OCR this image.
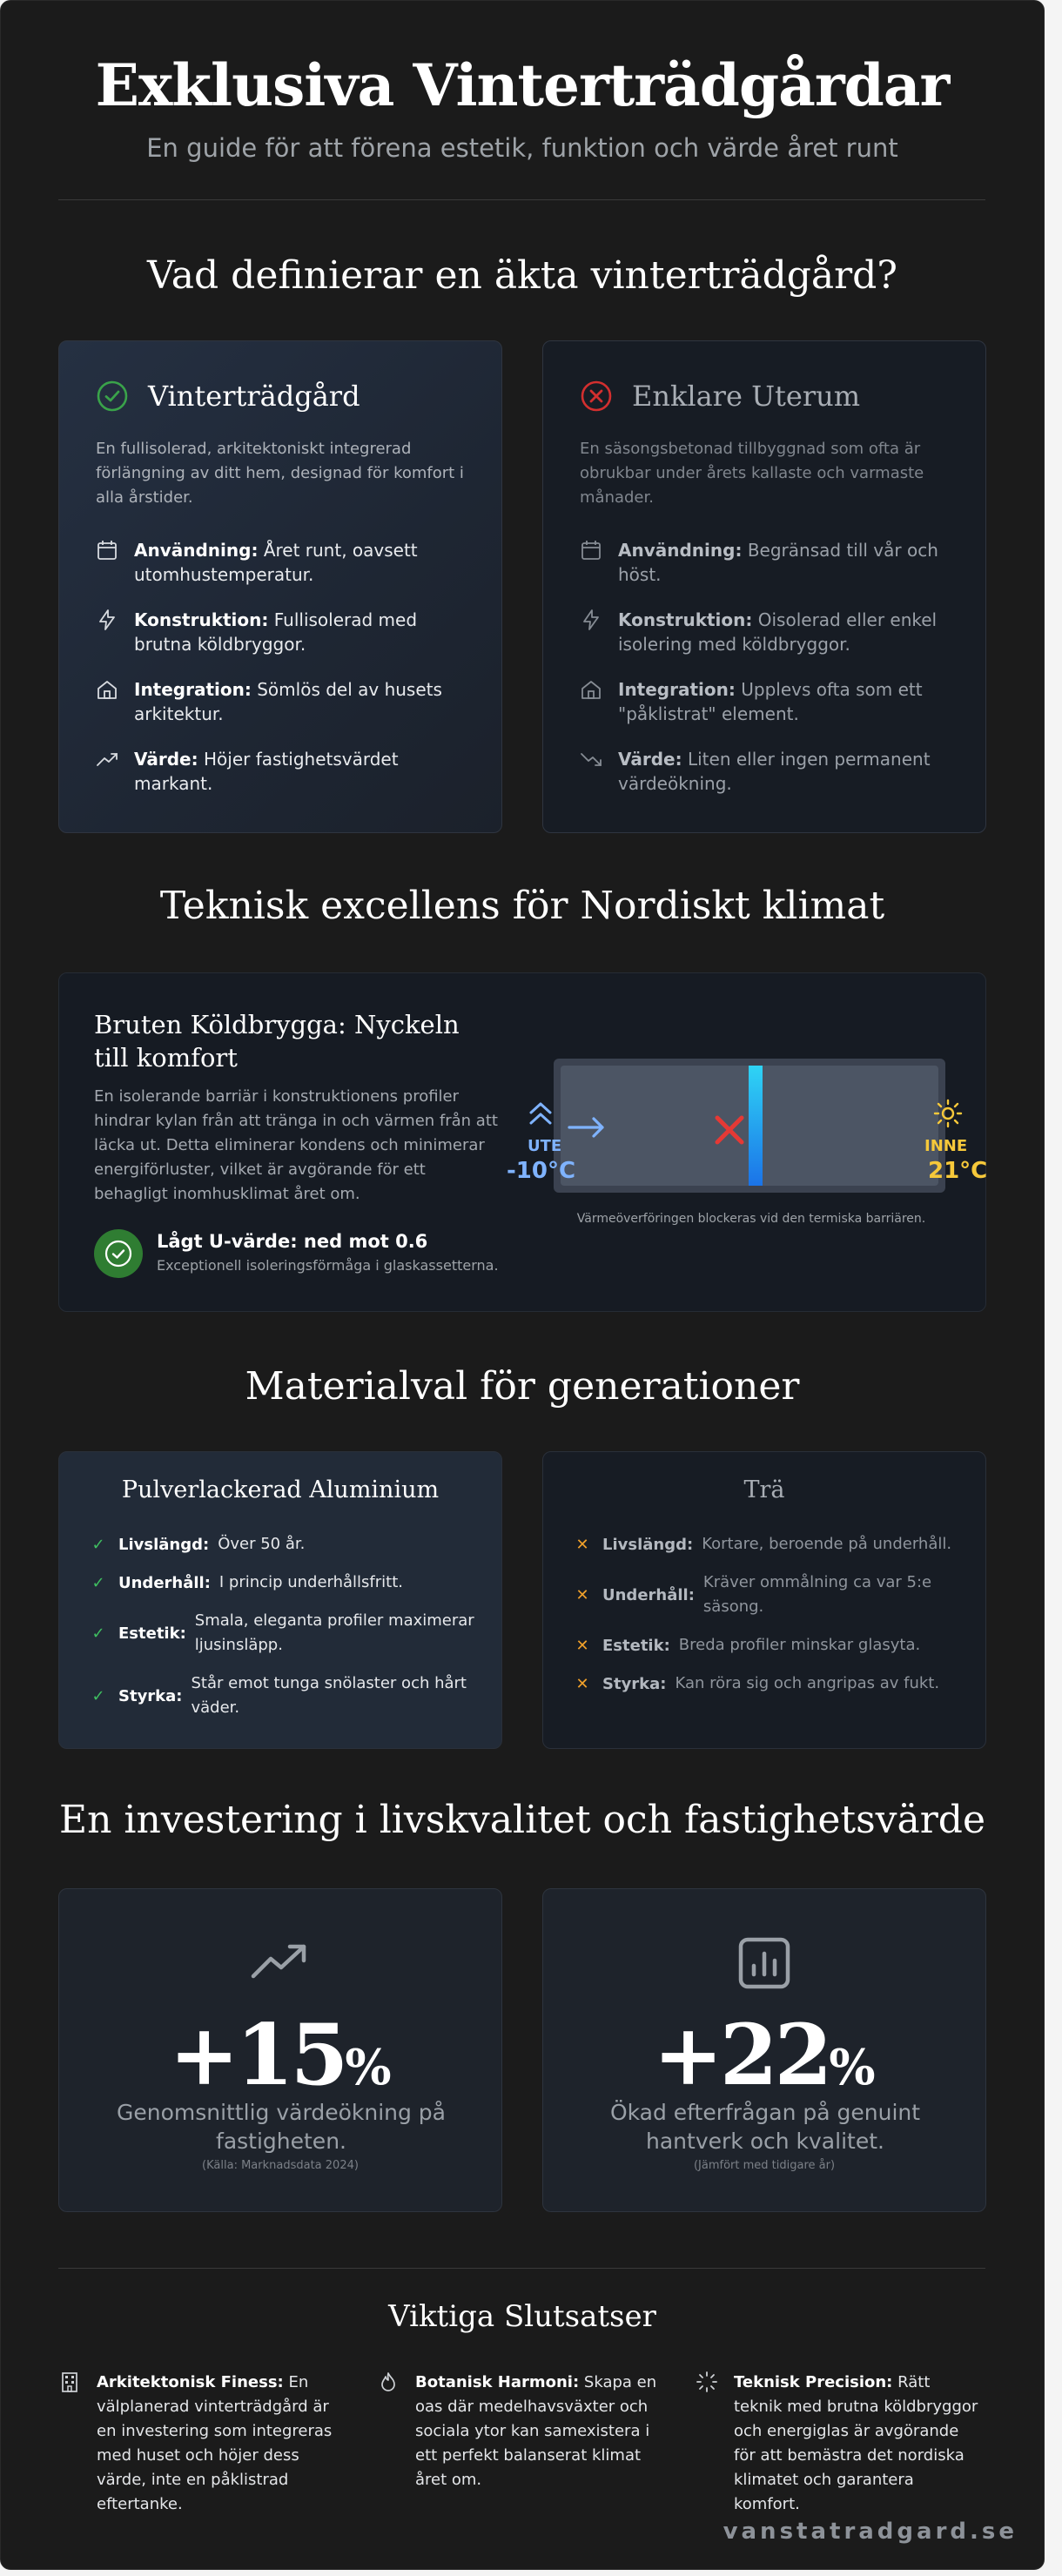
Exklusiva Vinterträdgårdar
En guide för att förena estetik, funktion och värde året runt
Vad definierar en äkta vinterträdgård?
Vinterträdgård
En fullisolerad, arkitektoniskt integrerad förlängning av ditt hem, designad för komfort i alla årstider.
Användning: Året runt, oavsett utomhustemperatur.
Konstruktion: Fullisolerad med brutna köldbryggor.
Integration: Sömlös del av husets arkitektur.
Värde: Höjer fastighetsvärdet markant.
Enklare Uterum
En säsongsbetonad tillbyggnad som ofta är obrukbar under årets kallaste och varmaste månader.
Användning: Begränsad till vår och höst.
Konstruktion: Oisolerad eller enkel isolering med köldbryggor.
Integration: Upplevs ofta som ett "påklistrat" element.
Värde: Liten eller ingen permanent värdeökning.
Teknisk excellens för Nordiskt klimat
Bruten Köldbrygga: Nyckeln till komfort
En isolerande barriär i konstruktionens profiler hindrar kylan från att tränga in och värmen från att läcka ut. Detta eliminerar kondens och minimerar energiförluster, vilket är avgörande för ett behagligt inomhusklimat året om.
Lågt U-värde: ned mot 0.6
Exceptionell isoleringsförmåga i glaskassetterna.
UTE
-10°C
INNE
21°C
Värmeöverföringen blockeras vid den termiska barriären.
Materialval för generationer
Pulverlackerad Aluminium
✓ Livslängd: Över 50 år.
✓ Underhåll: I princip underhållsfritt.
✓ Estetik:
Smala, eleganta profiler maximerar ljusinsläpp.
✓ Styrka:
Står emot tunga snölaster och hårt väder.
Trä
✕ Livslängd: Kortare, beroende på underhåll.
✕ Underhåll:
Kräver ommålning ca var 5:e säsong.
✕ Estetik: Breda profiler minskar glasyta.
✕ Styrka: Kan röra sig och angripas av fukt.
En investering i livskvalitet och fastighetsvärde
+15%
Genomsnittlig värdeökning på fastigheten.
(Källa: Marknadsdata 2024)
+22%
Ökad efterfrågan på genuint hantverk och kvalitet.
(Jämfört med tidigare år)
Viktiga Slutsatser
Arkitektonisk Finess: En välplanerad vinterträdgård är en investering som integreras med huset och höjer dess värde, inte en påklistrad eftertanke.
Botanisk Harmoni: Skapa en oas där medelhavsväxter och sociala ytor kan samexistera i ett perfekt balanserat klimat året om.
Teknisk Precision: Rätt teknik med brutna köldbryggor och energiglas är avgörande för att bemästra det nordiska klimatet och garantera komfort.
vanstatradgard.se
